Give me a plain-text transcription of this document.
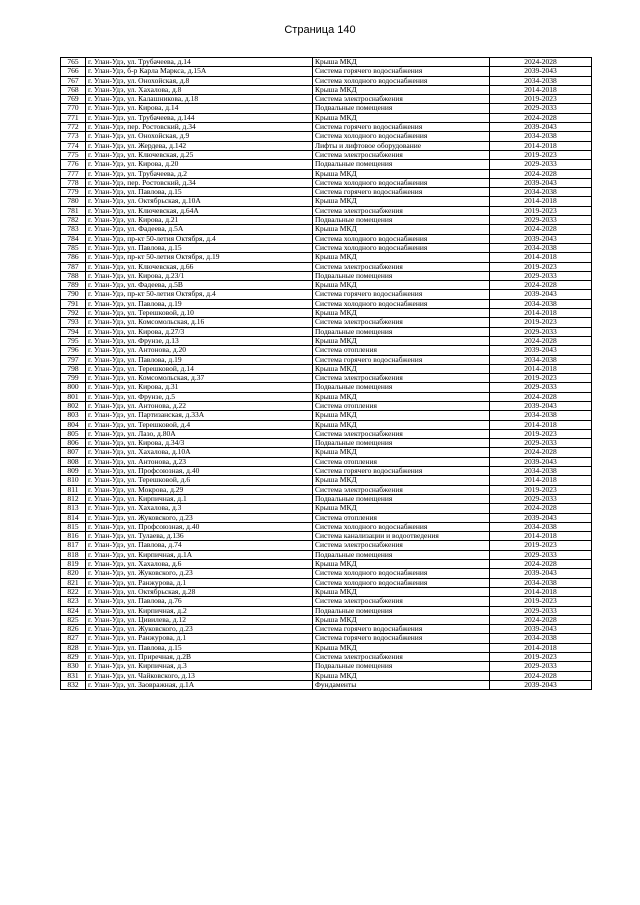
Страница 140
765	г. Улан-Удэ, ул. Трубачеева, д.14	Крыша МКД	2024-2028
766	г. Улан-Удэ, б-р Карла Маркса, д.15А	Система горячего водоснабжения	2039-2043
767	г. Улан-Удэ, ул. Онохойская, д.8	Система холодного водоснабжения	2034-2038
768	г. Улан-Удэ, ул. Хахалова, д.8	Крыша МКД	2014-2018
769	г. Улан-Удэ, ул. Калашникова, д.18	Система электроснабжения	2019-2023
770	г. Улан-Удэ, ул. Кирова, д.14	Подвальные помещения	2029-2033
771	г. Улан-Удэ, ул. Трубачеева, д.144	Крыша МКД	2024-2028
772	г. Улан-Удэ, пер. Ростовский, д.34	Система горячего водоснабжения	2039-2043
773	г. Улан-Удэ, ул. Онохойская, д.9	Система холодного водоснабжения	2034-2038
774	г. Улан-Удэ, ул. Жердева, д.142	Лифты и лифтовое оборудование	2014-2018
775	г. Улан-Удэ, ул. Ключевская, д.25	Система электроснабжения	2019-2023
776	г. Улан-Удэ, ул. Кирова, д.20	Подвальные помещения	2029-2033
777	г. Улан-Удэ, ул. Трубачеева, д.2	Крыша МКД	2024-2028
778	г. Улан-Удэ, пер. Ростовский, д.34	Система холодного водоснабжения	2039-2043
779	г. Улан-Удэ, ул. Павлова, д.15	Система горячего водоснабжения	2034-2038
780	г. Улан-Удэ, ул. Октябрьская, д.10А	Крыша МКД	2014-2018
781	г. Улан-Удэ, ул. Ключевская, д.64А	Система электроснабжения	2019-2023
782	г. Улан-Удэ, ул. Кирова, д.21	Подвальные помещения	2029-2033
783	г. Улан-Удэ, ул. Фадеева, д.5А	Крыша МКД	2024-2028
784	г. Улан-Удэ, пр-кт 50-летия Октября, д.4	Система холодного водоснабжения	2039-2043
785	г. Улан-Удэ, ул. Павлова, д.15	Система холодного водоснабжения	2034-2038
786	г. Улан-Удэ, пр-кт 50-летия Октября, д.19	Крыша МКД	2014-2018
787	г. Улан-Удэ, ул. Ключевская, д.66	Система электроснабжения	2019-2023
788	г. Улан-Удэ, ул. Кирова, д.23/1	Подвальные помещения	2029-2033
789	г. Улан-Удэ, ул. Фадеева, д.5В	Крыша МКД	2024-2028
790	г. Улан-Удэ, пр-кт 50-летия Октября, д.4	Система горячего водоснабжения	2039-2043
791	г. Улан-Удэ, ул. Павлова, д.19	Система холодного водоснабжения	2034-2038
792	г. Улан-Удэ, ул. Терешковой, д.10	Крыша МКД	2014-2018
793	г. Улан-Удэ, ул. Комсомольская, д.16	Система электроснабжения	2019-2023
794	г. Улан-Удэ, ул. Кирова, д.27/3	Подвальные помещения	2029-2033
795	г. Улан-Удэ, ул. Фрунзе, д.13	Крыша МКД	2024-2028
796	г. Улан-Удэ, ул. Антонова, д.20	Система отопления	2039-2043
797	г. Улан-Удэ, ул. Павлова, д.19	Система горячего водоснабжения	2034-2038
798	г. Улан-Удэ, ул. Терешковой, д.14	Крыша МКД	2014-2018
799	г. Улан-Удэ, ул. Комсомольская, д.37	Система электроснабжения	2019-2023
800	г. Улан-Удэ, ул. Кирова, д.31	Подвальные помещения	2029-2033
801	г. Улан-Удэ, ул. Фрунзе, д.5	Крыша МКД	2024-2028
802	г. Улан-Удэ, ул. Антонова, д.22	Система отопления	2039-2043
803	г. Улан-Удэ, ул. Партизанская, д.33А	Крыша МКД	2034-2038
804	г. Улан-Удэ, ул. Терешковой, д.4	Крыша МКД	2014-2018
805	г. Улан-Удэ, ул. Лазо, д.80А	Система электроснабжения	2019-2023
806	г. Улан-Удэ, ул. Кирова, д.34/3	Подвальные помещения	2029-2033
807	г. Улан-Удэ, ул. Хахалова, д.10А	Крыша МКД	2024-2028
808	г. Улан-Удэ, ул. Антонова, д.23	Система отопления	2039-2043
809	г. Улан-Удэ, ул. Профсоюзная, д.40	Система горячего водоснабжения	2034-2038
810	г. Улан-Удэ, ул. Терешковой, д.6	Крыша МКД	2014-2018
811	г. Улан-Удэ, ул. Мокрова, д.29	Система электроснабжения	2019-2023
812	г. Улан-Удэ, ул. Кирпичная, д.1	Подвальные помещения	2029-2033
813	г. Улан-Удэ, ул. Хахалова, д.3	Крыша МКД	2024-2028
814	г. Улан-Удэ, ул. Жуковского, д.23	Система отопления	2039-2043
815	г. Улан-Удэ, ул. Профсоюзная, д.40	Система холодного водоснабжения	2034-2038
816	г. Улан-Удэ, ул. Тулаева, д.136	Система канализации и водоотведения	2014-2018
817	г. Улан-Удэ, ул. Павлова, д.74	Система электроснабжения	2019-2023
818	г. Улан-Удэ, ул. Кирпичная, д.1А	Подвальные помещения	2029-2033
819	г. Улан-Удэ, ул. Хахалова, д.6	Крыша МКД	2024-2028
820	г. Улан-Удэ, ул. Жуковского, д.23	Система холодного водоснабжения	2039-2043
821	г. Улан-Удэ, ул. Ранжурова, д.1	Система холодного водоснабжения	2034-2038
822	г. Улан-Удэ, ул. Октябрьская, д.28	Крыша МКД	2014-2018
823	г. Улан-Удэ, ул. Павлова, д.76	Система электроснабжения	2019-2023
824	г. Улан-Удэ, ул. Кирпичная, д.2	Подвальные помещения	2029-2033
825	г. Улан-Удэ, ул. Цивилева, д.12	Крыша МКД	2024-2028
826	г. Улан-Удэ, ул. Жуковского, д.23	Система горячего водоснабжения	2039-2043
827	г. Улан-Удэ, ул. Ранжурова, д.1	Система горячего водоснабжения	2034-2038
828	г. Улан-Удэ, ул. Павлова, д.15	Крыша МКД	2014-2018
829	г. Улан-Удэ, ул. Приречная, д.2В	Система электроснабжения	2019-2023
830	г. Улан-Удэ, ул. Кирпичная, д.3	Подвальные помещения	2029-2033
831	г. Улан-Удэ, ул. Чайковского, д.13	Крыша МКД	2024-2028
832	г. Улан-Удэ, ул. Заовражная, д.1А	Фундаменты	2039-2043
